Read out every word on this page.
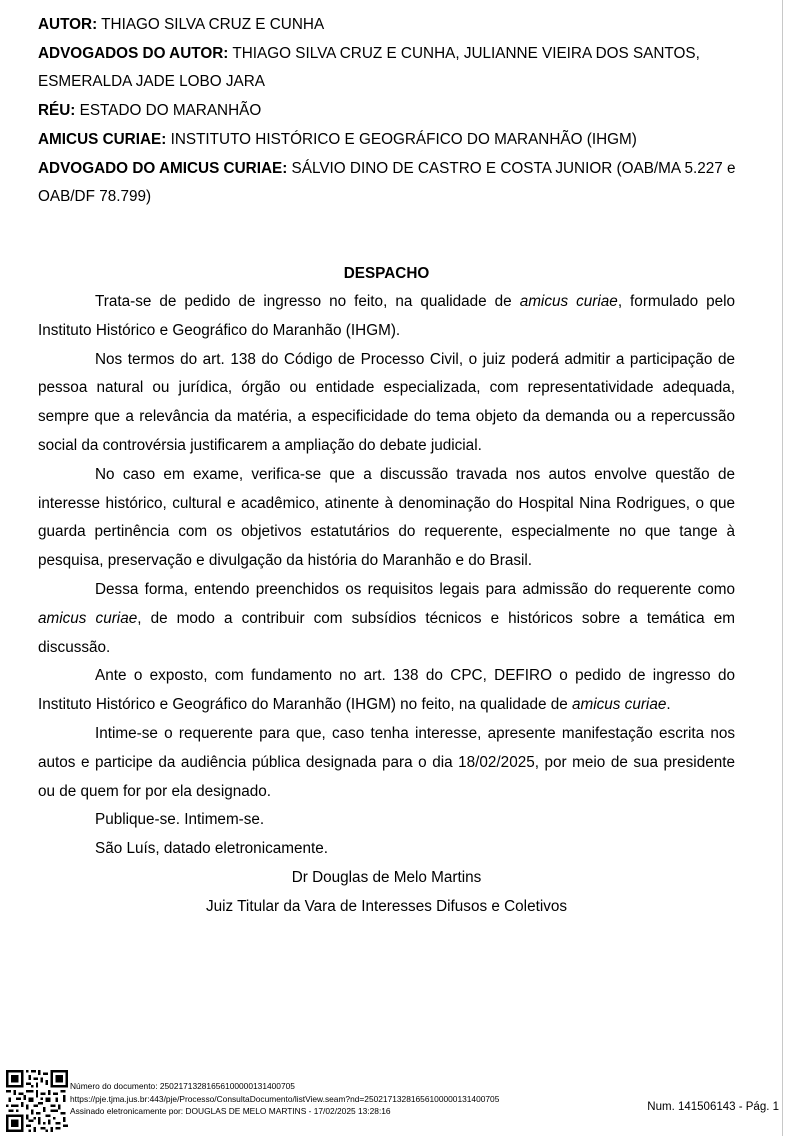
AUTOR: THIAGO SILVA CRUZ E CUNHA
ADVOGADOS DO AUTOR: THIAGO SILVA CRUZ E CUNHA, JULIANNE VIEIRA DOS SANTOS,
ESMERALDA JADE LOBO JARA
RÉU: ESTADO DO MARANHÃO
AMICUS CURIAE: INSTITUTO HISTÓRICO E GEOGRÁFICO DO MARANHÃO (IHGM)
ADVOGADO DO AMICUS CURIAE: SÁLVIO DINO DE CASTRO E COSTA JUNIOR (OAB/MA 5.227 e
OAB/DF 78.799)
DESPACHO

Trata-se de pedido de ingresso no feito, na qualidade de amicus curiae, formulado pelo Instituto Histórico e Geográfico do Maranhão (IHGM).

Nos termos do art. 138 do Código de Processo Civil, o juiz poderá admitir a participação de pessoa natural ou jurídica, órgão ou entidade especializada, com representatividade adequada, sempre que a relevância da matéria, a especificidade do tema objeto da demanda ou a repercussão social da controvérsia justificarem a ampliação do debate judicial.

No caso em exame, verifica-se que a discussão travada nos autos envolve questão de interesse histórico, cultural e acadêmico, atinente à denominação do Hospital Nina Rodrigues, o que guarda pertinência com os objetivos estatutários do requerente, especialmente no que tange à pesquisa, preservação e divulgação da história do Maranhão e do Brasil.

Dessa forma, entendo preenchidos os requisitos legais para admissão do requerente como amicus curiae, de modo a contribuir com subsídios técnicos e históricos sobre a temática em discussão.

Ante o exposto, com fundamento no art. 138 do CPC, DEFIRO o pedido de ingresso do Instituto Histórico e Geográfico do Maranhão (IHGM) no feito, na qualidade de amicus curiae.

Intime-se o requerente para que, caso tenha interesse, apresente manifestação escrita nos autos e participe da audiência pública designada para o dia 18/02/2025, por meio de sua presidente ou de quem for por ela designado.

Publique-se. Intimem-se.

São Luís, datado eletronicamente.

Dr Douglas de Melo Martins
Juiz Titular da Vara de Interesses Difusos e Coletivos
Número do documento: 25021713281656100000131400705
https://pje.tjma.jus.br:443/pje/Processo/ConsultaDocumento/listView.seam?nd=25021713281656100000131400705
Assinado eletronicamente por: DOUGLAS DE MELO MARTINS - 17/02/2025 13:28:16	Num. 141506143 - Pág. 1
